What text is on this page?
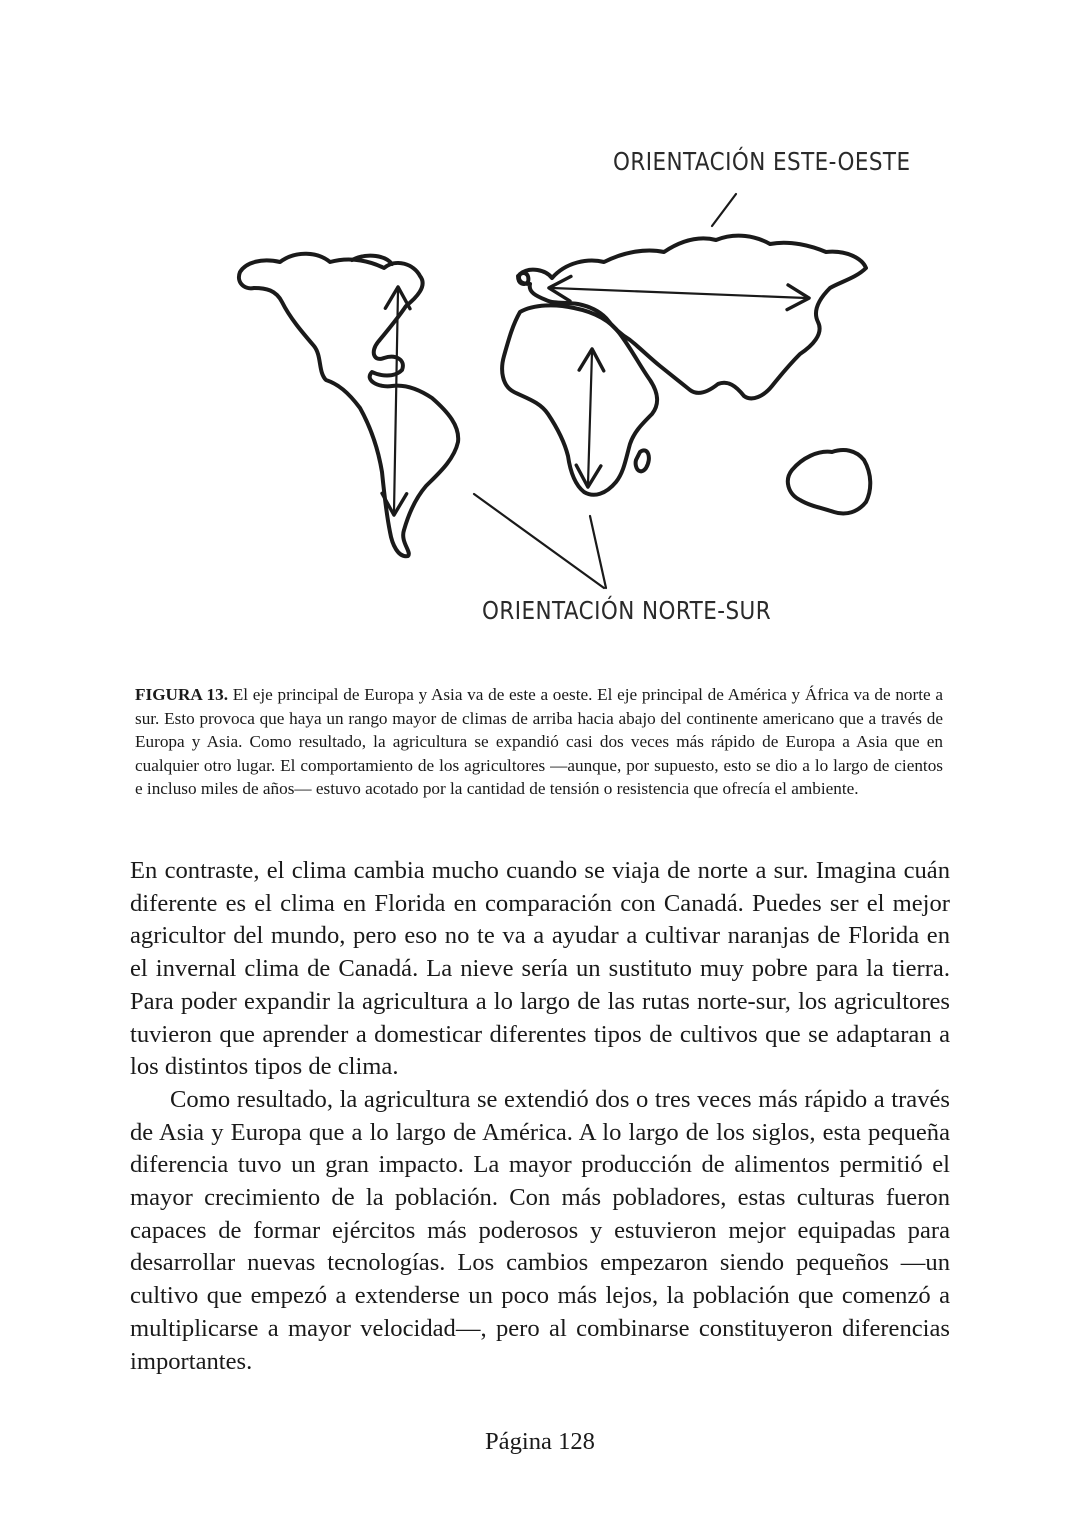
ORIENTACIÓN ESTE-OESTE
ORIENTACIÓN NORTE-SUR

FIGURA 13. El eje principal de Europa y Asia va de este a oeste. El eje principal de América y África va de norte a sur. Esto provoca que haya un rango mayor de climas de arriba hacia abajo del continente americano que a través de Europa y Asia. Como resultado, la agricultura se expandió casi dos veces más rápido de Europa a Asia que en cualquier otro lugar. El comportamiento de los agricultores —aunque, por supuesto, esto se dio a lo largo de cientos e incluso miles de años— estuvo acotado por la cantidad de tensión o resistencia que ofrecía el ambiente.

En contraste, el clima cambia mucho cuando se viaja de norte a sur. Imagina cuán diferente es el clima en Florida en comparación con Canadá. Puedes ser el mejor agricultor del mundo, pero eso no te va a ayudar a cultivar naranjas de Florida en el invernal clima de Canadá. La nieve sería un sustituto muy pobre para la tierra. Para poder expandir la agricultura a lo largo de las rutas norte-sur, los agricultores tuvieron que aprender a domesticar diferentes tipos de cultivos que se adaptaran a los distintos tipos de clima.

Como resultado, la agricultura se extendió dos o tres veces más rápido a través de Asia y Europa que a lo largo de América. A lo largo de los siglos, esta pequeña diferencia tuvo un gran impacto. La mayor producción de alimentos permitió el mayor crecimiento de la población. Con más pobladores, estas culturas fueron capaces de formar ejércitos más poderosos y estuvieron mejor equipadas para desarrollar nuevas tecnologías. Los cambios empezaron siendo pequeños —un cultivo que empezó a extenderse un poco más lejos, la población que comenzó a multiplicarse a mayor velocidad—, pero al combinarse constituyeron diferencias importantes.

Página 128
